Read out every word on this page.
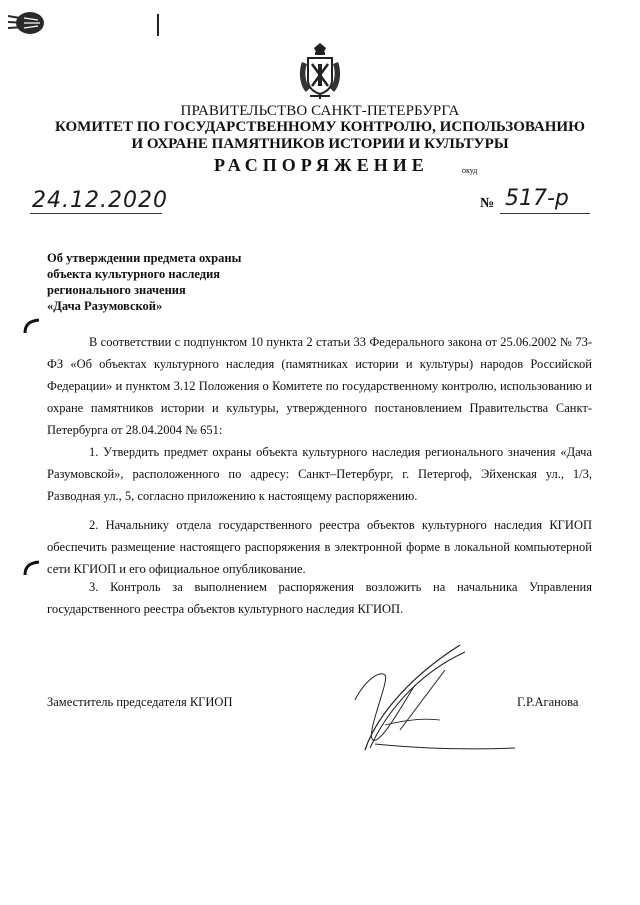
ПРАВИТЕЛЬСТВО САНКТ-ПЕТЕРБУРГА
КОМИТЕТ ПО ГОСУДАРСТВЕННОМУ КОНТРОЛЮ, ИСПОЛЬЗОВАНИЮ
И ОХРАНЕ ПАМЯТНИКОВ ИСТОРИИ И КУЛЬТУРЫ
РАСПОРЯЖЕНИЕ	окуд
24.12.2020	№ 517-р
Об утверждении предмета охраны
объекта культурного наследия
регионального значения
«Дача Разумовской»
В соответствии с подпунктом 10 пункта 2 статьи 33 Федерального закона от 25.06.2002 № 73-ФЗ «Об объектах культурного наследия (памятниках истории и культуры) народов Российской Федерации» и пунктом 3.12 Положения о Комитете по государственному контролю, использованию и охране памятников истории и культуры, утвержденного постановлением Правительства Санкт-Петербурга от 28.04.2004 № 651:
1. Утвердить предмет охраны объекта культурного наследия регионального значения «Дача Разумовской», расположенного по адресу: Санкт–Петербург, г. Петергоф, Эйхенская ул., 1/3, Разводная ул., 5, согласно приложению к настоящему распоряжению.
2. Начальнику отдела государственного реестра объектов культурного наследия КГИОП обеспечить размещение настоящего распоряжения в электронной форме в локальной компьютерной сети КГИОП и его официальное опубликование.
3. Контроль за выполнением распоряжения возложить на начальника Управления государственного реестра объектов культурного наследия КГИОП.
Заместитель председателя КГИОП	Г.Р.Аганова
